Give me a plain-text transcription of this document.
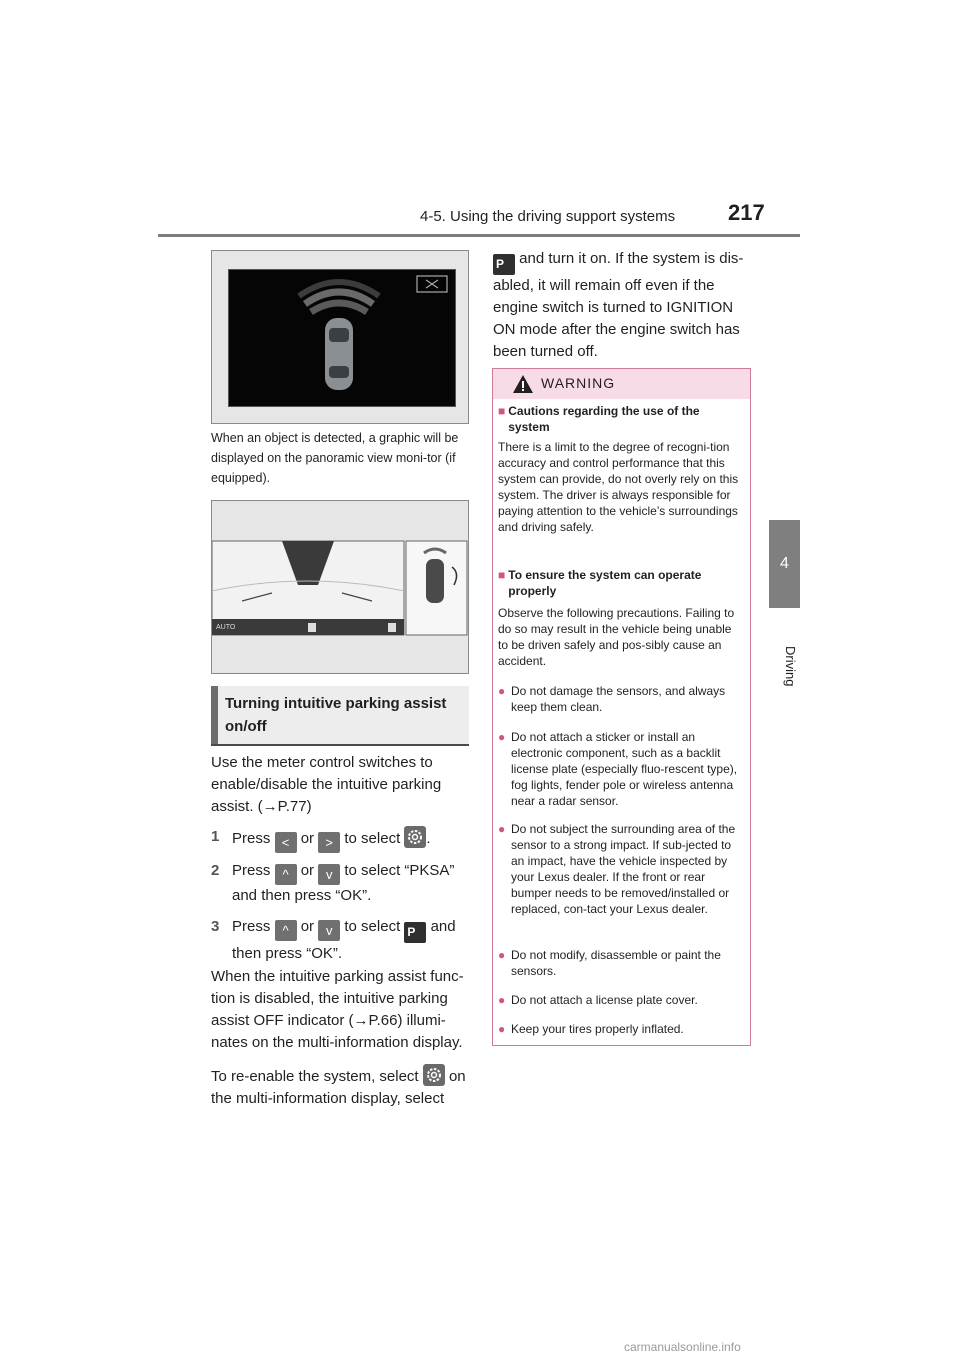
4-5. Using the driving support systems 217
4
Driving
When an object is detected, a graphic will be displayed on the panoramic view moni-tor (if equipped).
AUTO
Turning intuitive parking assist on/off
Use the meter control switches to enable/disable the intuitive parking assist. (→P.77)
1 Press < or > to select .
2 Press ^ or v to select “PKSA” and then press “OK”.
3 Press ^ or v to select P and then press “OK”.
When the intuitive parking assist func-tion is disabled, the intuitive parking assist OFF indicator (→P.66) illumi-nates on the multi-information display.
To re-enable the system, select on the multi-information display, select
P and turn it on. If the system is dis-abled, it will remain off even if the engine switch is turned to IGNITION ON mode after the engine switch has been turned off.
WARNING
■ Cautions regarding the use of the system
There is a limit to the degree of recogni-tion accuracy and control performance that this system can provide, do not overly rely on this system. The driver is always responsible for paying attention to the vehicle’s surroundings and driving safely.
■ To ensure the system can operate properly
Observe the following precautions. Failing to do so may result in the vehicle being unable to be driven safely and pos-sibly cause an accident.
● Do not damage the sensors, and always keep them clean.
● Do not attach a sticker or install an electronic component, such as a backlit license plate (especially fluo-rescent type), fog lights, fender pole or wireless antenna near a radar sensor.
● Do not subject the surrounding area of the sensor to a strong impact. If sub-jected to an impact, have the vehicle inspected by your Lexus dealer. If the front or rear bumper needs to be removed/installed or replaced, con-tact your Lexus dealer.
● Do not modify, disassemble or paint the sensors.
● Do not attach a license plate cover.
● Keep your tires properly inflated.
carmanualsonline.info
